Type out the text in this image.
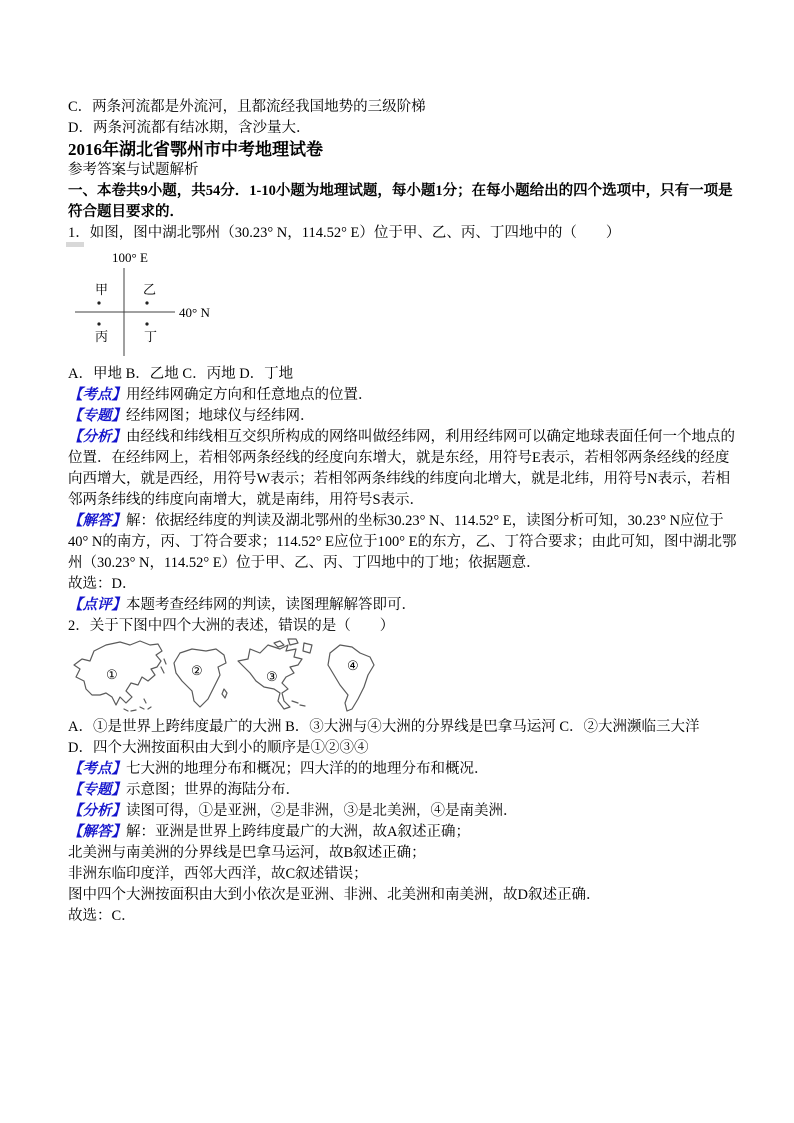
C．两条河流都是外流河，且都流经我国地势的三级阶梯

D．两条河流都有结冰期，含沙量大．

2016年湖北省鄂州市中考地理试卷

参考答案与试题解析

一、本卷共9小题，共54分．1-10小题为地理试题，每小题1分；在每小题给出的四个选项中，只有一项是符合题目要求的．

1．如图，图中湖北鄂州（30.23° N，114.52° E）位于甲、乙、丙、丁四地中的（　　）

100° E
40° N
甲	乙
丙	丁

A．甲地 B．乙地 C．丙地 D．丁地

【考点】用经纬网确定方向和任意地点的位置．

【专题】经纬网图；地球仪与经纬网．

【分析】由经线和纬线相互交织所构成的网络叫做经纬网，利用经纬网可以确定地球表面任何一个地点的位置．在经纬网上，若相邻两条经线的经度向东增大，就是东经，用符号E表示，若相邻两条经线的经度向西增大，就是西经，用符号W表示；若相邻两条纬线的纬度向北增大，就是北纬，用符号N表示，若相邻两条纬线的纬度向南增大，就是南纬，用符号S表示．

【解答】解：依据经纬度的判读及湖北鄂州的坐标30.23° N、114.52° E，读图分析可知，30.23° N应位于40° N的南方，丙、丁符合要求；114.52° E应位于100° E的东方，乙、丁符合要求；由此可知，图中湖北鄂州（30.23° N，114.52° E）位于甲、乙、丙、丁四地中的丁地；依据题意．

故选：D．

【点评】本题考查经纬网的判读，读图理解解答即可．

2．关于下图中四个大洲的表述，错误的是（　　）

①	②	③
④

A．①是世界上跨纬度最广的大洲 B．③大洲与④大洲的分界线是巴拿马运河 C．②大洲濒临三大洋

D．四个大洲按面积由大到小的顺序是①②③④

【考点】七大洲的地理分布和概况；四大洋的的地理分布和概况．

【专题】示意图；世界的海陆分布．

【分析】读图可得，①是亚洲，②是非洲，③是北美洲，④是南美洲．

【解答】解：亚洲是世界上跨纬度最广的大洲，故A叙述正确；

北美洲与南美洲的分界线是巴拿马运河，故B叙述正确；

非洲东临印度洋，西邻大西洋，故C叙述错误；

图中四个大洲按面积由大到小依次是亚洲、非洲、北美洲和南美洲，故D叙述正确．

故选：C．
